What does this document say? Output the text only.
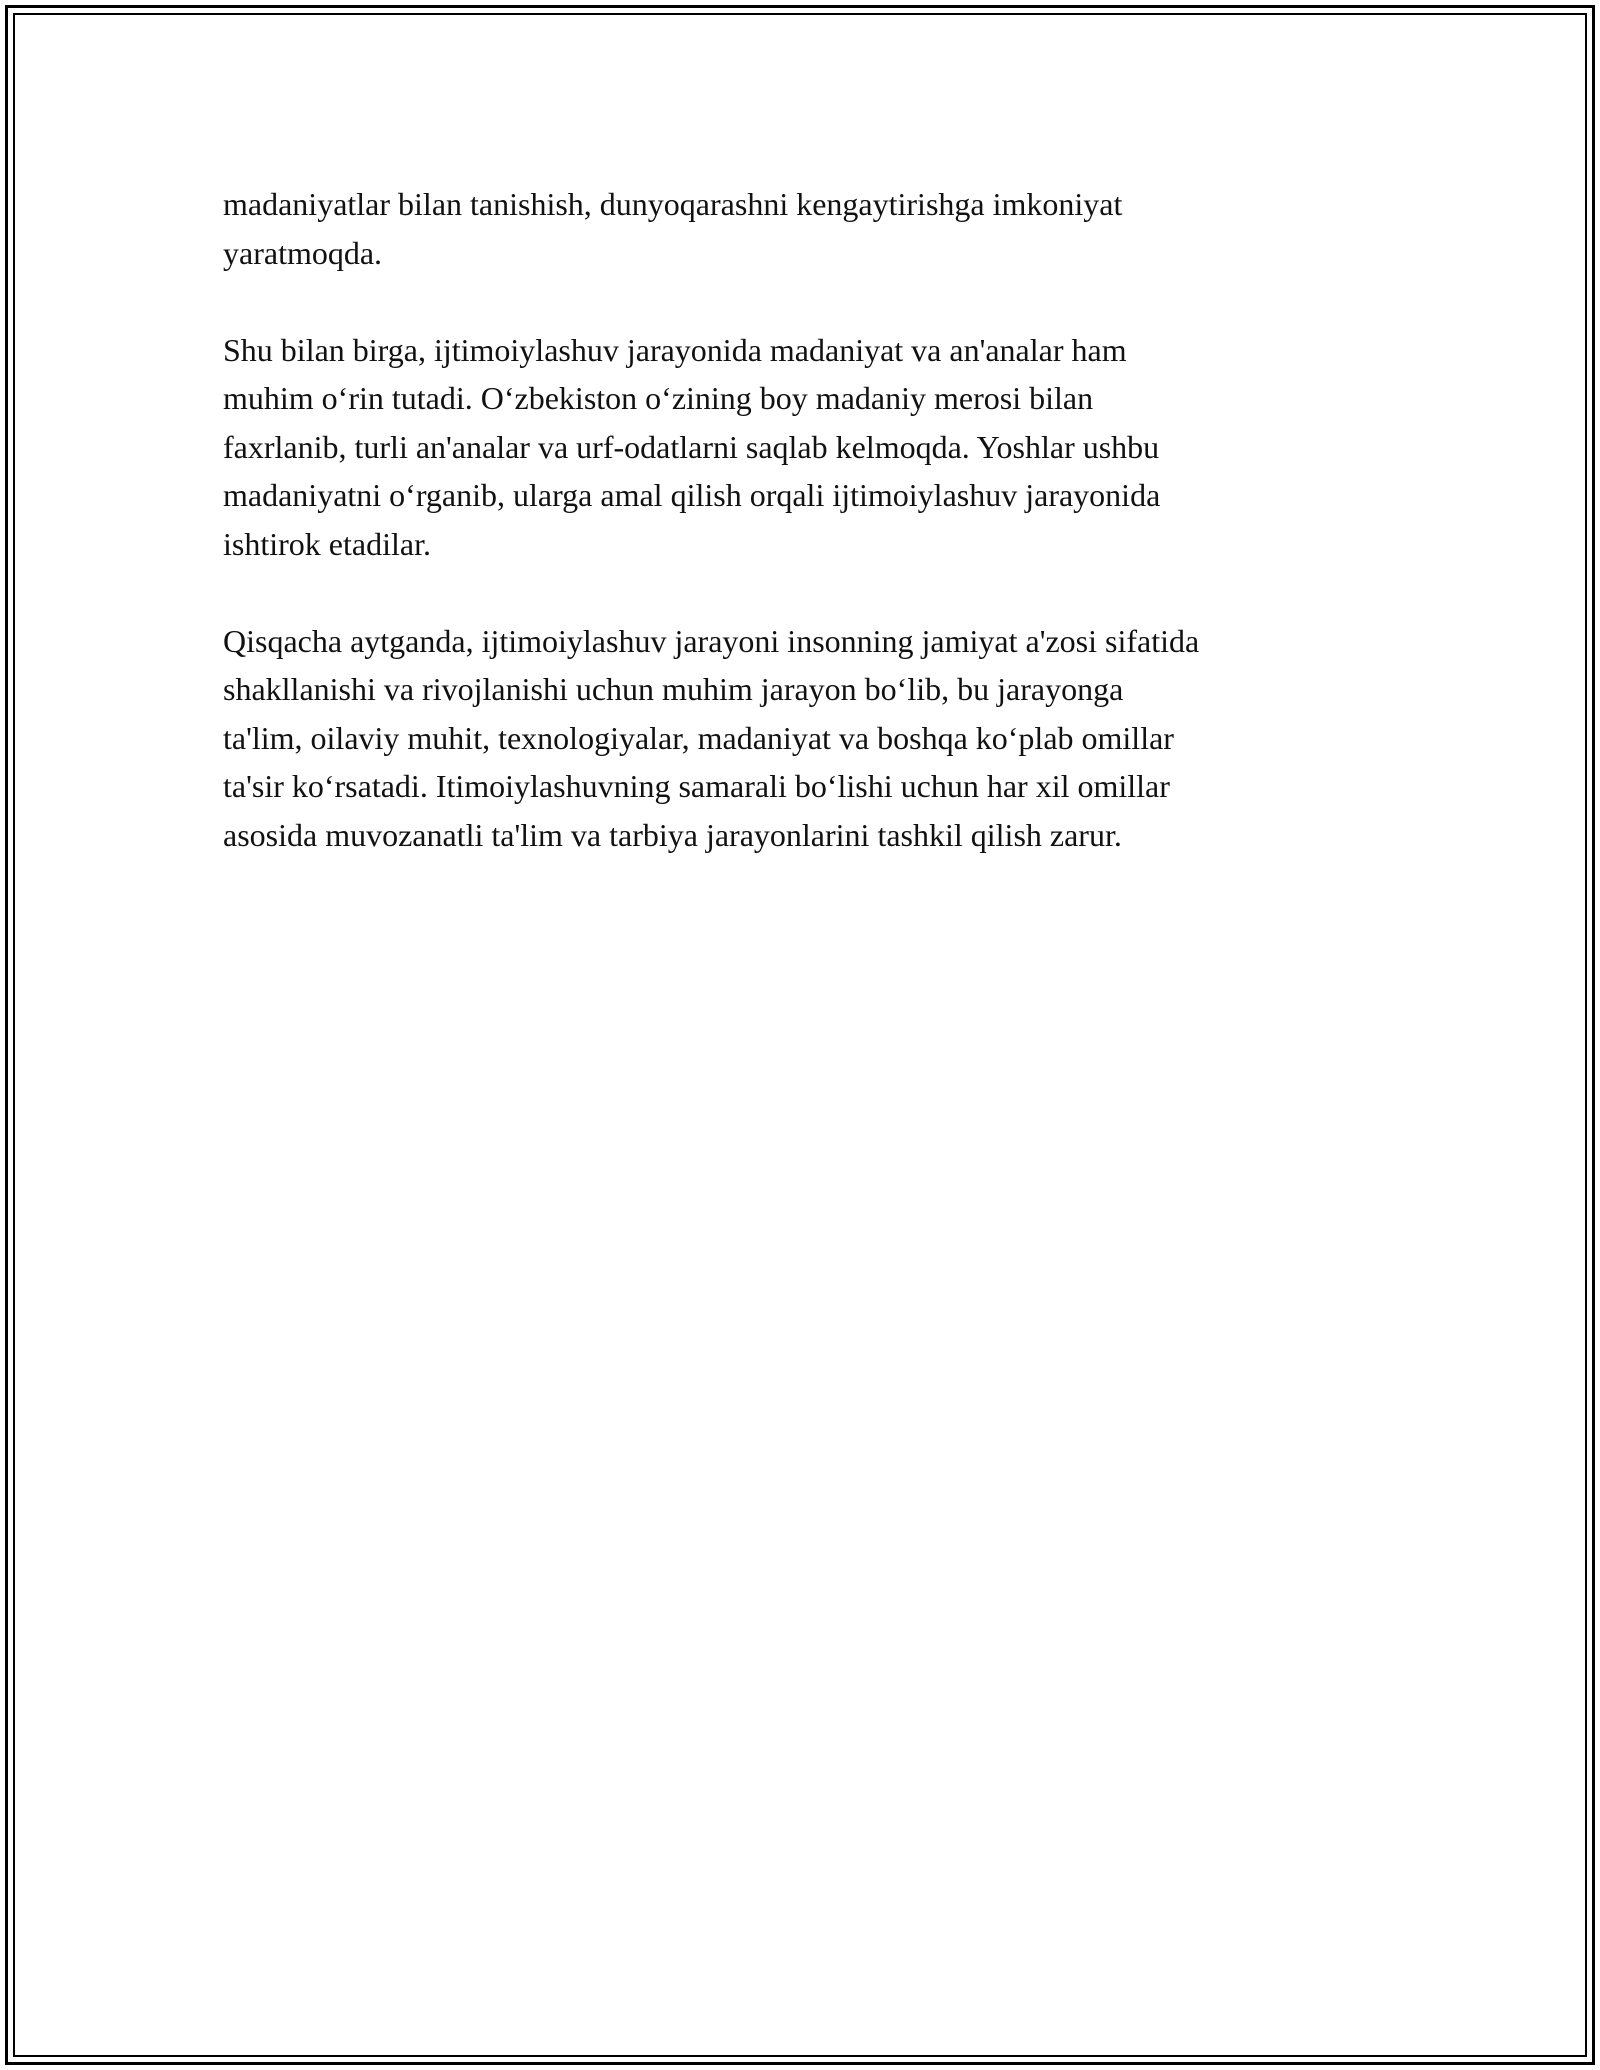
madaniyatlar bilan tanishish, dunyoqarashni kengaytirishga imkoniyat
yaratmoqda.

Shu bilan birga, ijtimoiylashuv jarayonida madaniyat va an'analar ham
muhim oʻrin tutadi. Oʻzbekiston oʻzining boy madaniy merosi bilan
faxrlanib, turli an'analar va urf-odatlarni saqlab kelmoqda. Yoshlar ushbu
madaniyatni oʻrganib, ularga amal qilish orqali ijtimoiylashuv jarayonida
ishtirok etadilar.

Qisqacha aytganda, ijtimoiylashuv jarayoni insonning jamiyat a'zosi sifatida
shakllanishi va rivojlanishi uchun muhim jarayon boʻlib, bu jarayonga
ta'lim, oilaviy muhit, texnologiyalar, madaniyat va boshqa koʻplab omillar
ta'sir koʻrsatadi. Itimoiylashuvning samarali boʻlishi uchun har xil omillar
asosida muvozanatli ta'lim va tarbiya jarayonlarini tashkil qilish zarur.
